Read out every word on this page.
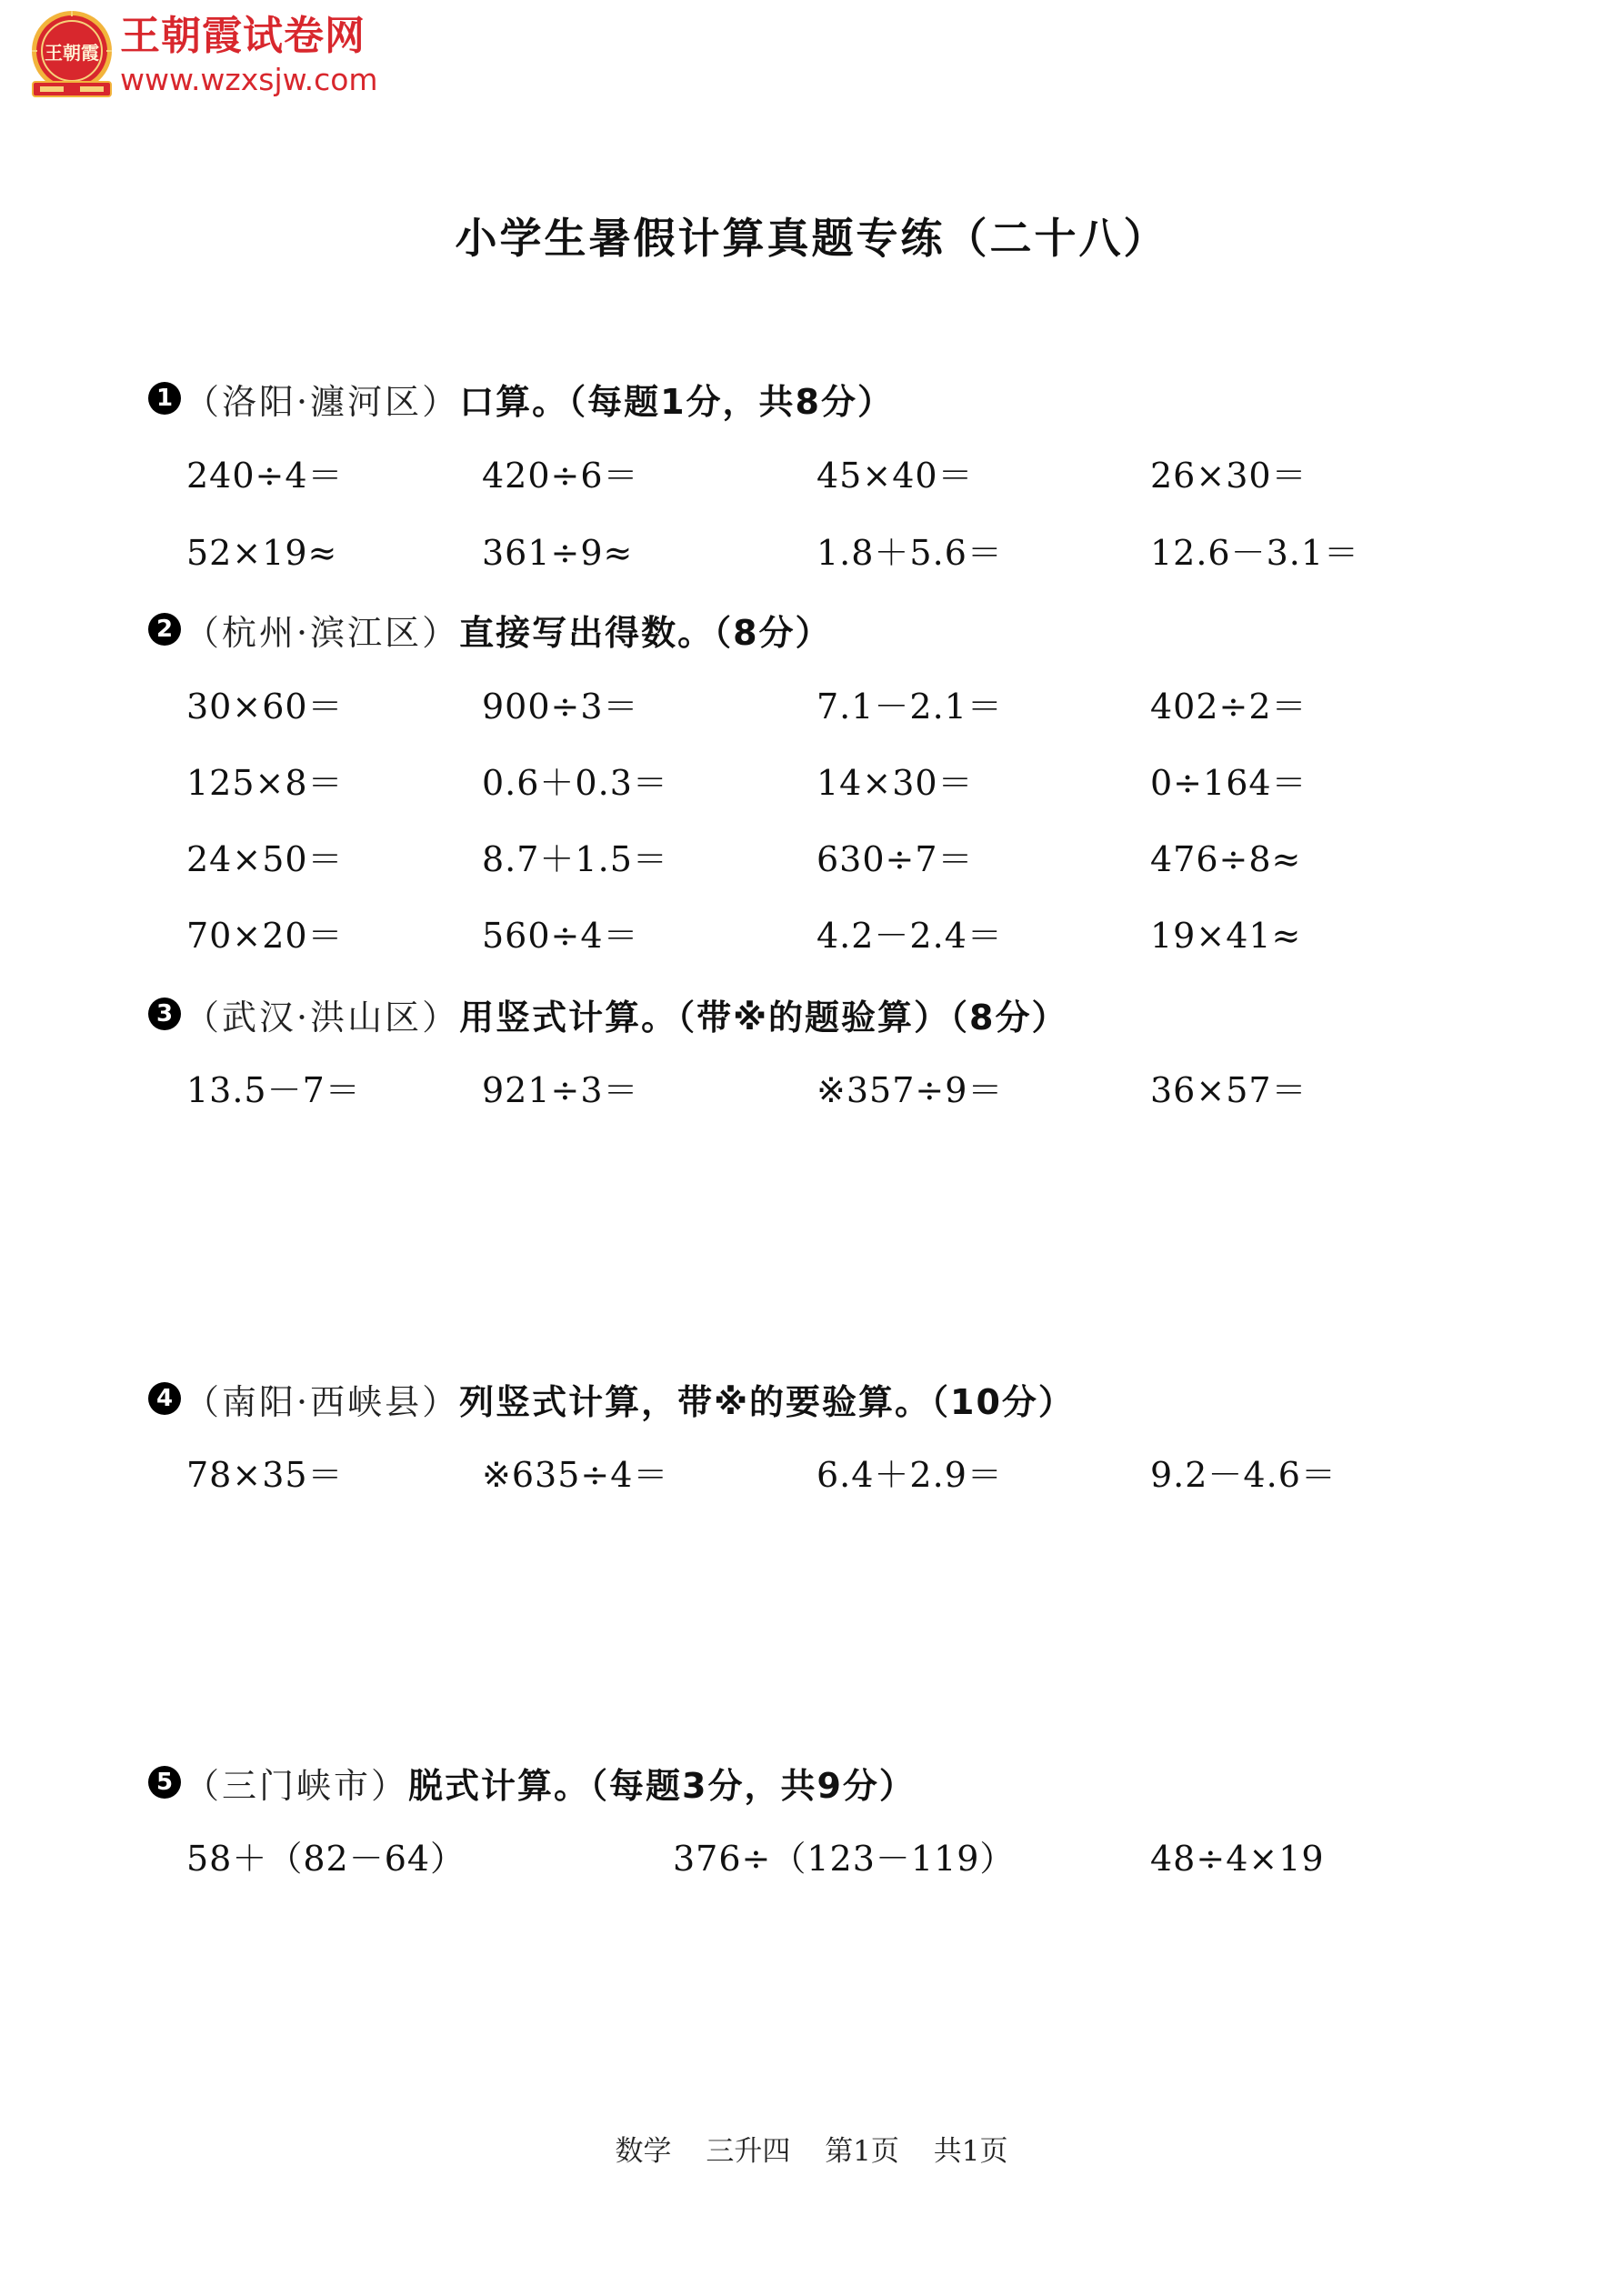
王朝霞 王朝霞试卷网
www.wzxsjw.com
小学生暑假计算真题专练（二十八）
1 （洛阳·瀍河区） 口算。（每题1分，共8分）
240÷4＝	420÷6＝	45×40＝	26×30＝
52×19≈	361÷9≈	1.8＋5.6＝	12.6－3.1＝
2 （杭州·滨江区） 直接写出得数。（8分）
30×60＝	900÷3＝	7.1－2.1＝	402÷2＝
125×8＝	0.6＋0.3＝	14×30＝	0÷164＝
24×50＝	8.7＋1.5＝	630÷7＝	476÷8≈
70×20＝	560÷4＝	4.2－2.4＝	19×41≈
3 （武汉·洪山区） 用竖式计算。（带※的题验算）（8分）
13.5－7＝	921÷3＝	※357÷9＝	36×57＝
4 （南阳·西峡县） 列竖式计算，带※的要验算。（10分）
78×35＝	※635÷4＝	6.4＋2.9＝	9.2－4.6＝
5 （三门峡市） 脱式计算。（每题3分，共9分）
58＋（82－64）	376÷（123－119）	48÷4×19
数学 三升四 第1页 共1页
